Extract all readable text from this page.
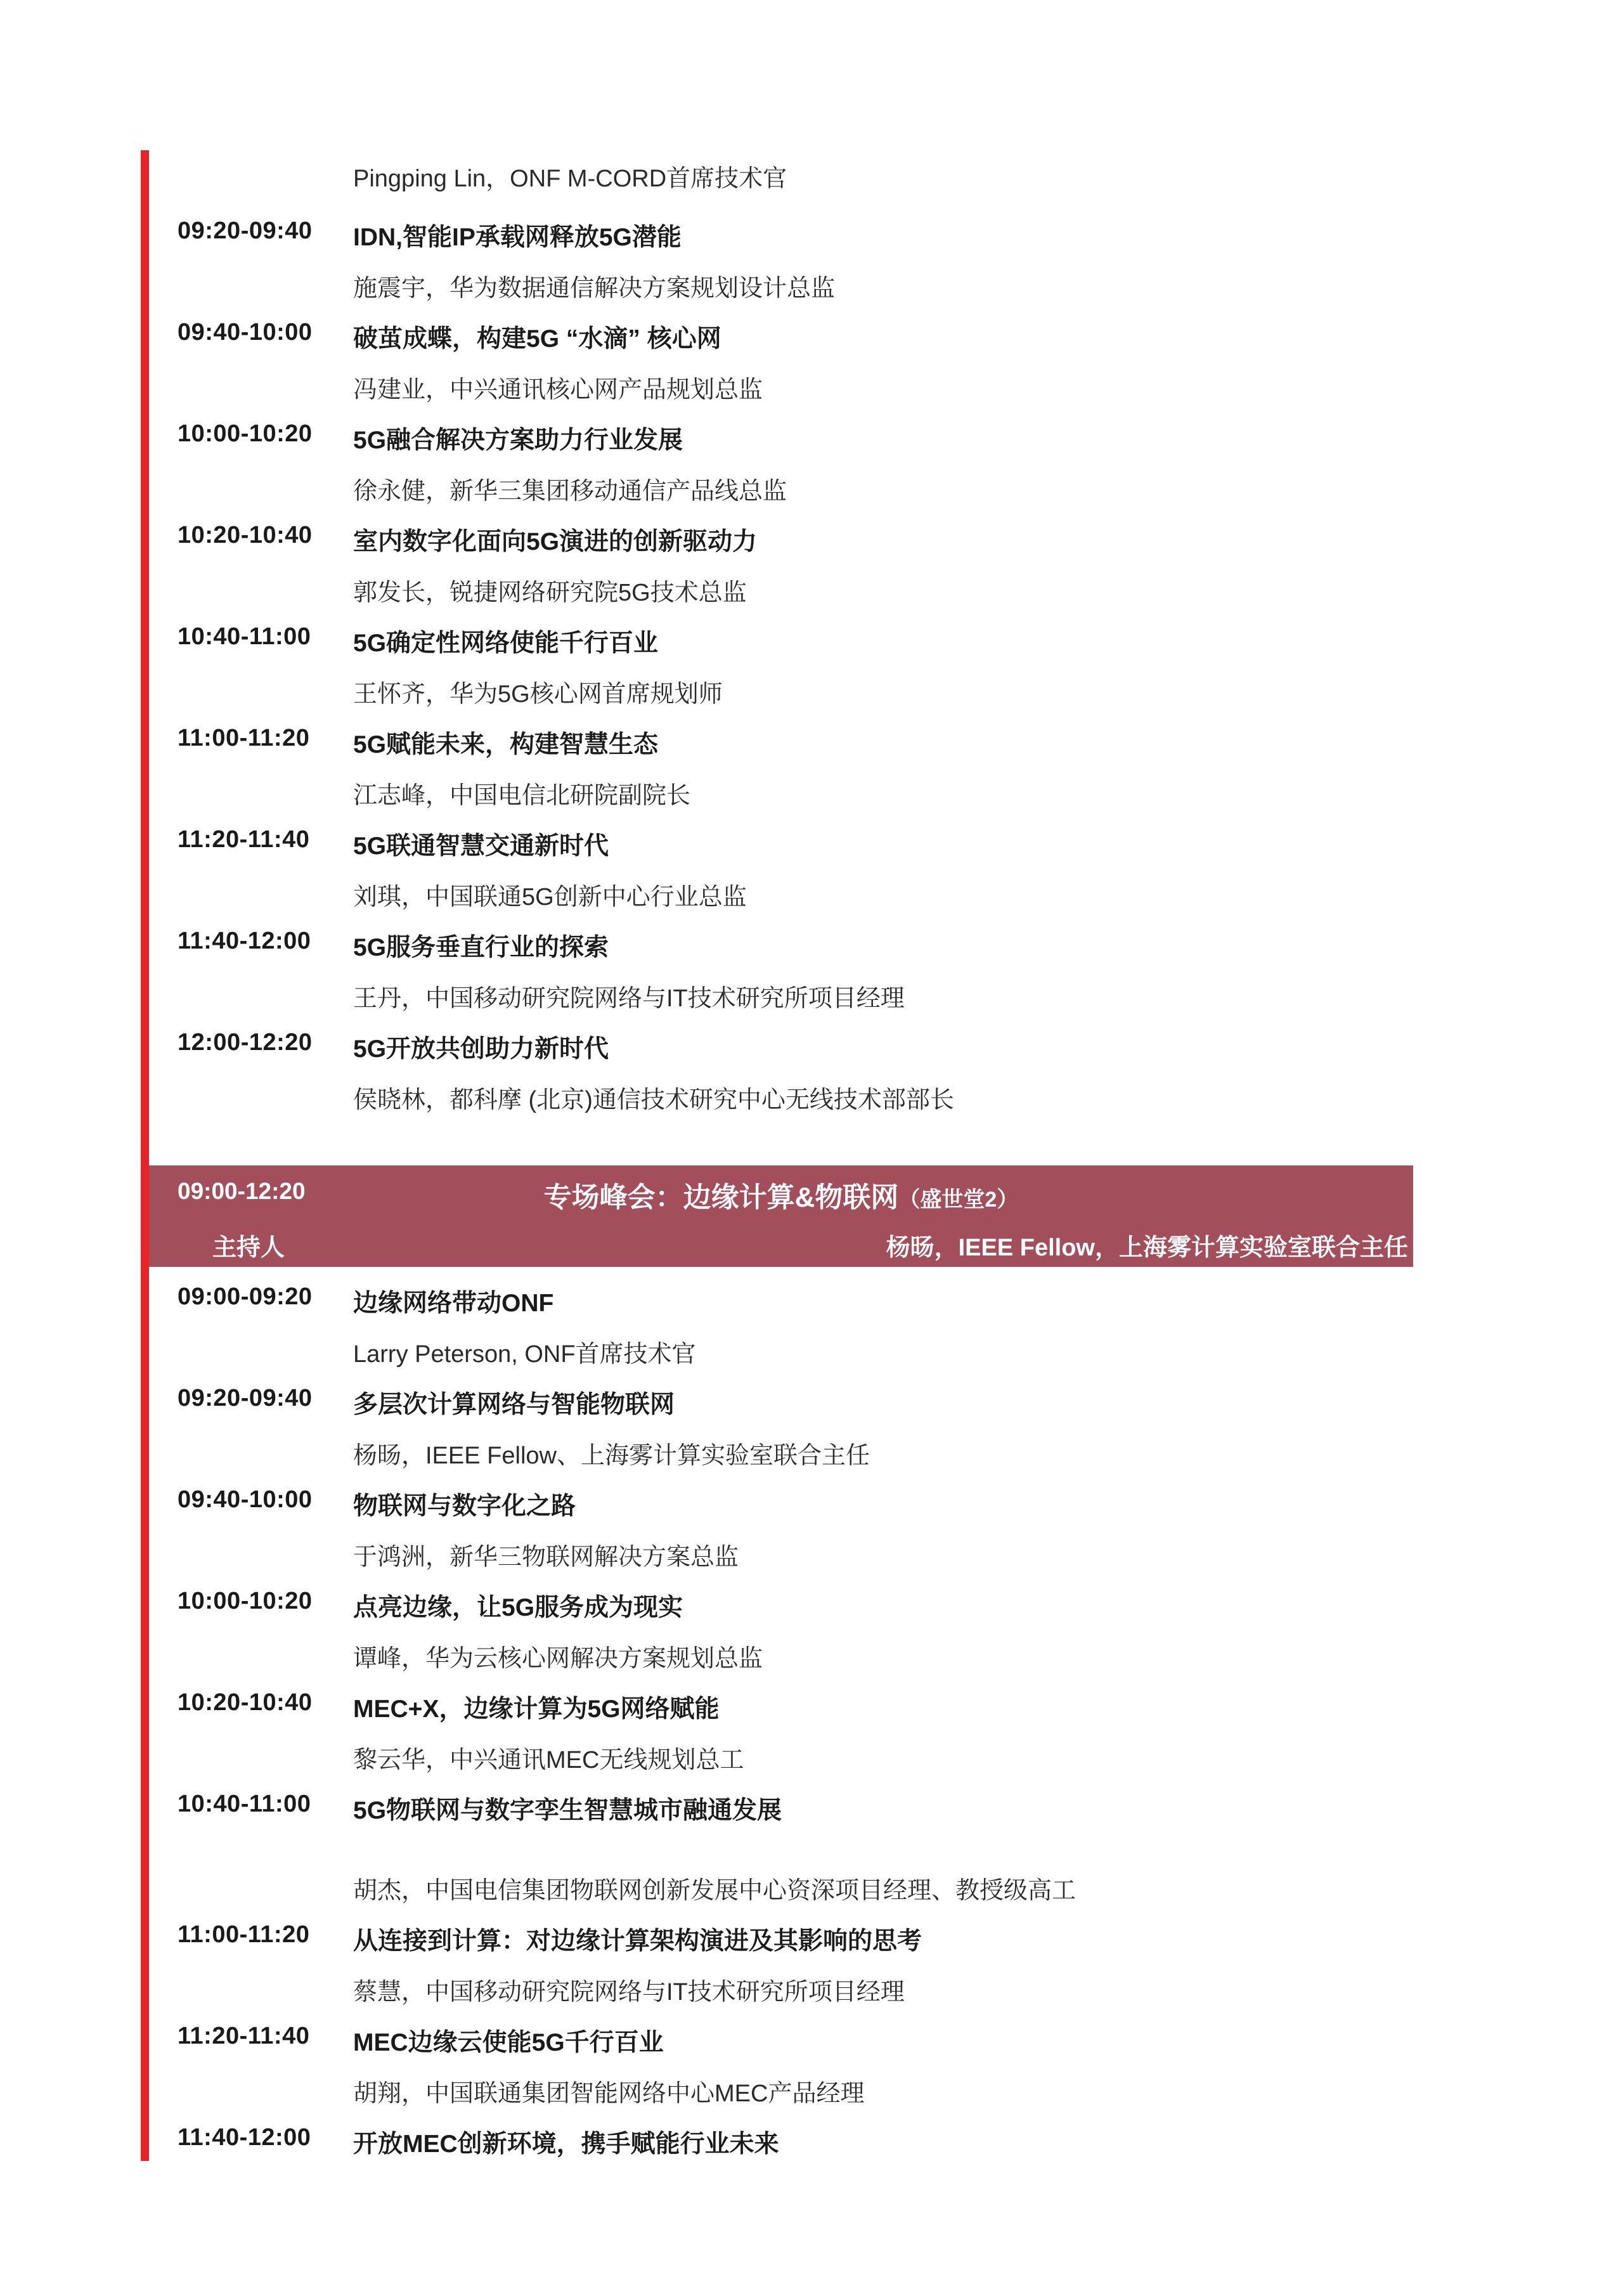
Pingping Lin，ONF M-CORD首席技术官
09:20-09:40 IDN,智能IP承载网释放5G潜能
施震宇，华为数据通信解决方案规划设计总监
09:40-10:00 破茧成蝶，构建5G “水滴” 核心网
冯建业，中兴通讯核心网产品规划总监
10:00-10:20 5G融合解决方案助力行业发展
徐永健，新华三集团移动通信产品线总监
10:20-10:40 室内数字化面向5G演进的创新驱动力
郭发长，锐捷网络研究院5G技术总监
10:40-11:00 5G确定性网络使能千行百业
王怀齐，华为5G核心网首席规划师
11:00-11:20 5G赋能未来，构建智慧生态
江志峰，中国电信北研院副院长
11:20-11:40 5G联通智慧交通新时代
刘琪，中国联通5G创新中心行业总监
11:40-12:00 5G服务垂直行业的探索
王丹，中国移动研究院网络与IT技术研究所项目经理
12:00-12:20 5G开放共创助力新时代
侯晓林，都科摩 (北京)通信技术研究中心无线技术部部长
09:00-12:20	专场峰会：边缘计算&物联网（盛世堂2）
主持人	杨旸，IEEE Fellow，上海雾计算实验室联合主任
09:00-09:20 边缘网络带动ONF
Larry Peterson, ONF首席技术官
09:20-09:40 多层次计算网络与智能物联网
杨旸，IEEE Fellow、上海雾计算实验室联合主任
09:40-10:00 物联网与数字化之路
于鸿洲，新华三物联网解决方案总监
10:00-10:20 点亮边缘，让5G服务成为现实
谭峰，华为云核心网解决方案规划总监
10:20-10:40 MEC+X，边缘计算为5G网络赋能
黎云华，中兴通讯MEC无线规划总工
10:40-11:00 5G物联网与数字孪生智慧城市融通发展
胡杰，中国电信集团物联网创新发展中心资深项目经理、教授级高工
11:00-11:20 从连接到计算：对边缘计算架构演进及其影响的思考
蔡慧，中国移动研究院网络与IT技术研究所项目经理
11:20-11:40 MEC边缘云使能5G千行百业
胡翔，中国联通集团智能网络中心MEC产品经理
11:40-12:00 开放MEC创新环境，携手赋能行业未来
